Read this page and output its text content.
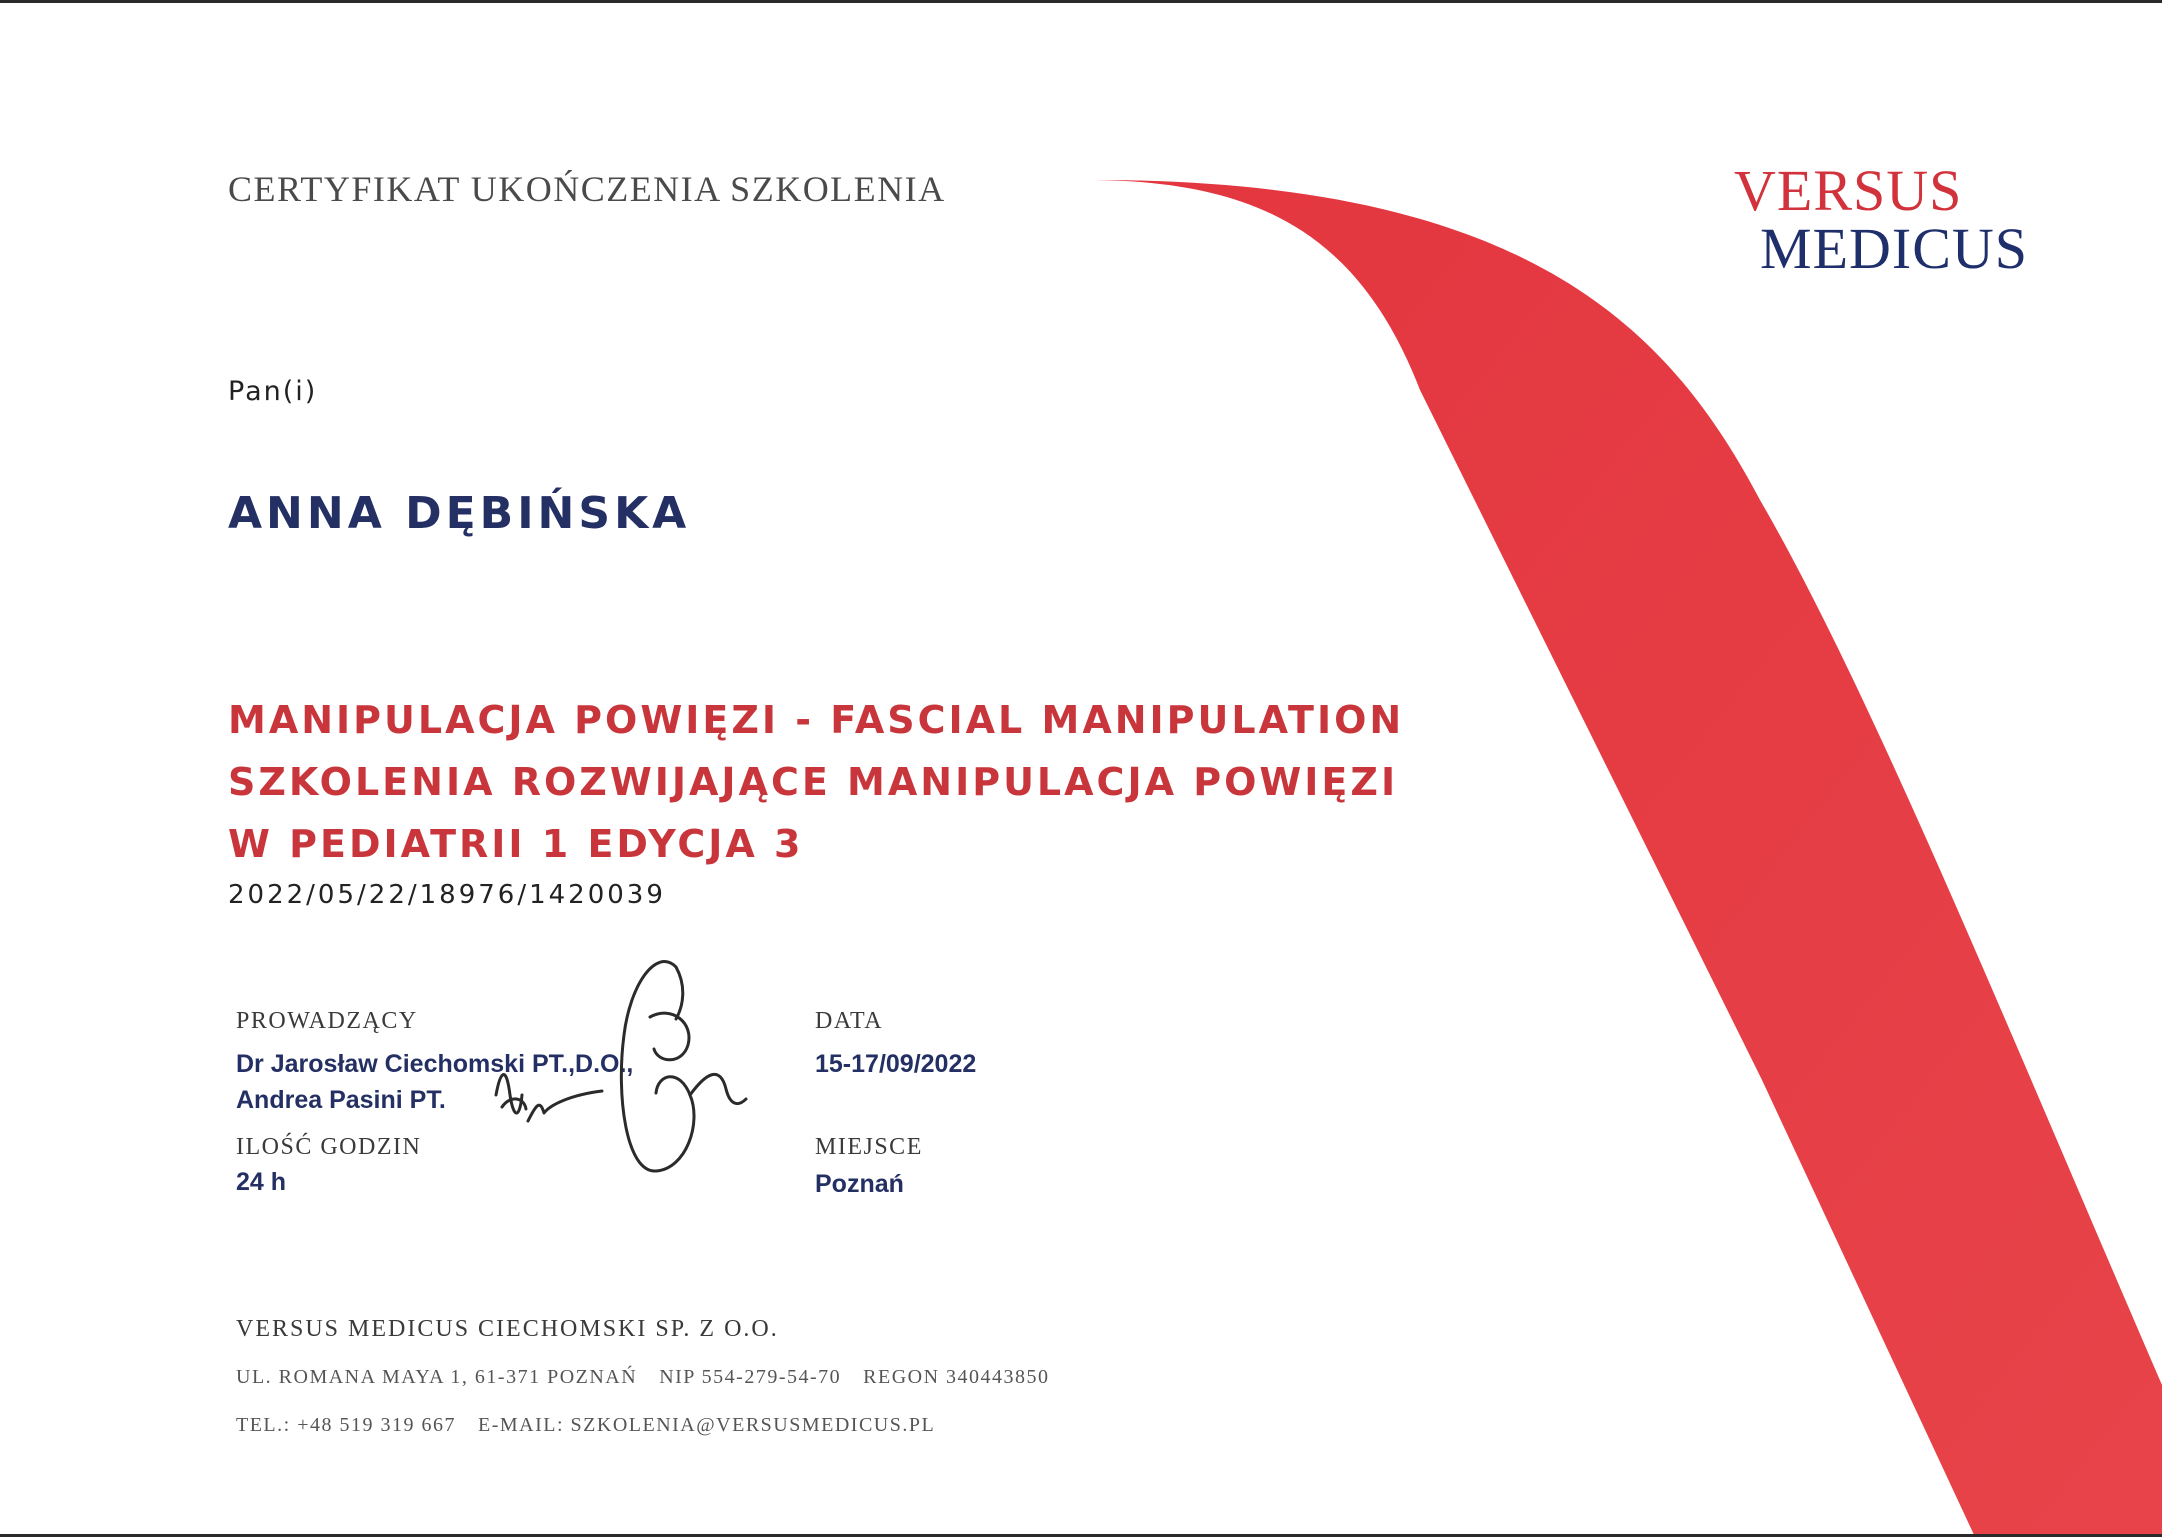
CERTYFIKAT UKOŃCZENIA SZKOLENIA	VERSUS
MEDICUS
Pan(i)
ANNA DĘBIŃSKA
MANIPULACJA POWIĘZI - FASCIAL MANIPULATION
SZKOLENIA ROZWIJAJĄCE MANIPULACJA POWIĘZI
W PEDIATRII 1 EDYCJA 3
2022/05/22/18976/1420039
PROWADZĄCY
Dr Jarosław Ciechomski PT.,D.O.,
Andrea Pasini PT.
ILOŚĆ GODZIN
24 h
DATA
15-17/09/2022
MIEJSCE
Poznań
VERSUS MEDICUS CIECHOMSKI SP. Z O.O.
UL. ROMANA MAYA 1, 61-371 POZNAŃ NIP 554-279-54-70 REGON 340443850
TEL.: +48 519 319 667 E-MAIL: SZKOLENIA@VERSUSMEDICUS.PL
